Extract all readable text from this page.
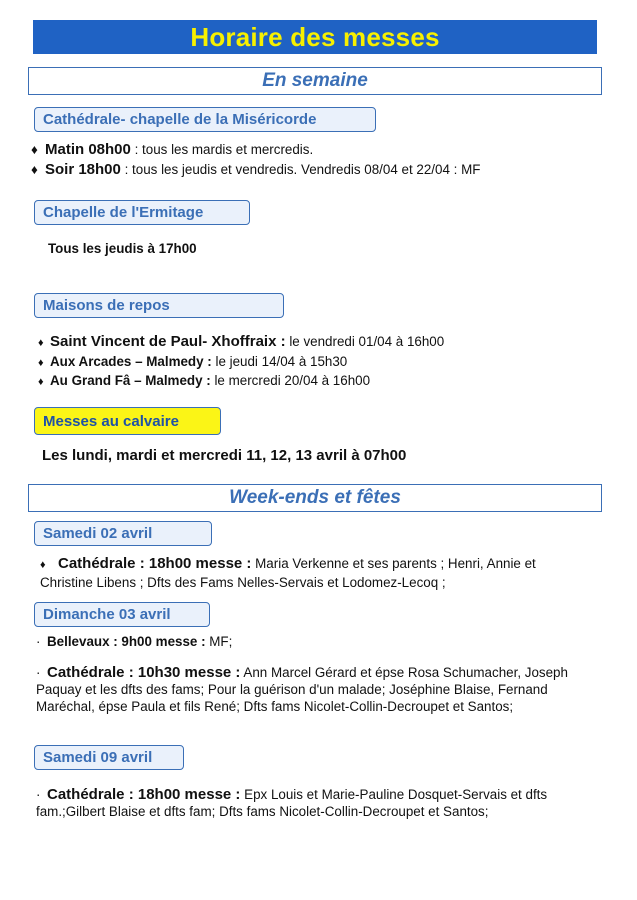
Horaire des messes
En semaine
Cathédrale- chapelle de la Miséricorde
♦ Matin 08h00 : tous les mardis et mercredis.
♦ Soir 18h00 : tous les jeudis et vendredis. Vendredis 08/04 et 22/04 : MF
Chapelle de l'Ermitage
Tous les jeudis à 17h00
Maisons de repos
♦ Saint Vincent de Paul- Xhoffraix : le vendredi 01/04 à 16h00
♦ Aux Arcades – Malmedy : le jeudi 14/04 à 15h30
♦ Au Grand Fâ – Malmedy : le mercredi 20/04 à 16h00
Messes au calvaire
Les lundi, mardi et mercredi 11, 12, 13 avril à 07h00
Week-ends et fêtes
Samedi 02 avril
♦ Cathédrale : 18h00 messe : Maria Verkenne et ses parents ; Henri, Annie et Christine Libens ; Dfts des Fams Nelles-Servais et Lodomez-Lecoq ;
Dimanche 03 avril
· Bellevaux : 9h00 messe : MF;
· Cathédrale : 10h30 messe : Ann Marcel Gérard et épse Rosa Schumacher, Joseph Paquay et les dfts des fams; Pour la guérison d'un malade; Joséphine Blaise, Fernand Maréchal, épse Paula et fils René; Dfts fams Nicolet-Collin-Decroupet et Santos;
Samedi 09 avril
· Cathédrale : 18h00 messe : Epx Louis et Marie-Pauline Dosquet-Servais et dfts fam.;Gilbert Blaise et dfts fam; Dfts fams Nicolet-Collin-Decroupet et Santos;
